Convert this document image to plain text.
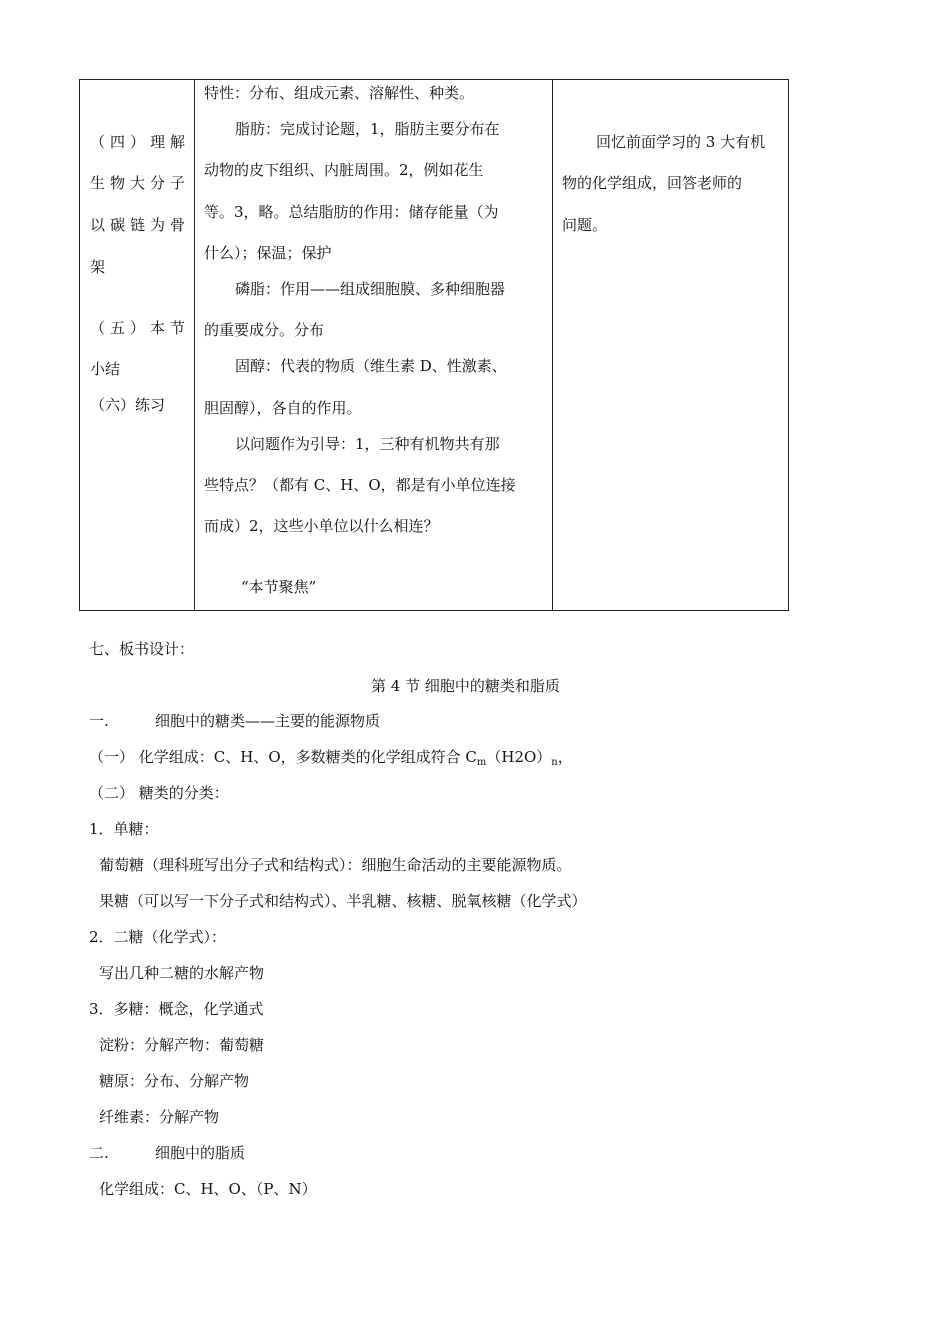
（四）理解
生物大分子
以碳链为骨
架
（五）本节
小结
（六）练习

特性：分布、组成元素、溶解性、种类。
脂肪：完成讨论题，1，脂肪主要分布在
动物的皮下组织、内脏周围。2，例如花生
等。3，略。总结脂肪的作用：储存能量（为
什么）；保温；保护
磷脂：作用——组成细胞膜、多种细胞器
的重要成分。分布
固醇：代表的物质（维生素 D、性激素、
胆固醇），各自的作用。
以问题作为引导：1，三种有机物共有那
些特点？（都有 C、H、O，都是有小单位连接
而成）2，这些小单位以什么相连？
“本节聚焦”

回忆前面学习的 3 大有机
物的化学组成，回答老师的
问题。
七、板书设计：
第 4 节 细胞中的糖类和脂质
一.	细胞中的糖类——主要的能源物质
（一） 化学组成：C、H、O，多数糖类的化学组成符合 $C_m(H2O)_n$，
（二） 糖类的分类：
1．单糖：
葡萄糖（理科班写出分子式和结构式）：细胞生命活动的主要能源物质。
果糖（可以写一下分子式和结构式）、半乳糖、核糖、脱氧核糖（化学式）
2．二糖（化学式）：
写出几种二糖的水解产物
3．多糖：概念，化学通式
淀粉：分解产物：葡萄糖
糖原：分布、分解产物
纤维素：分解产物
二.	细胞中的脂质
化学组成：C、H、O、（P、N）
